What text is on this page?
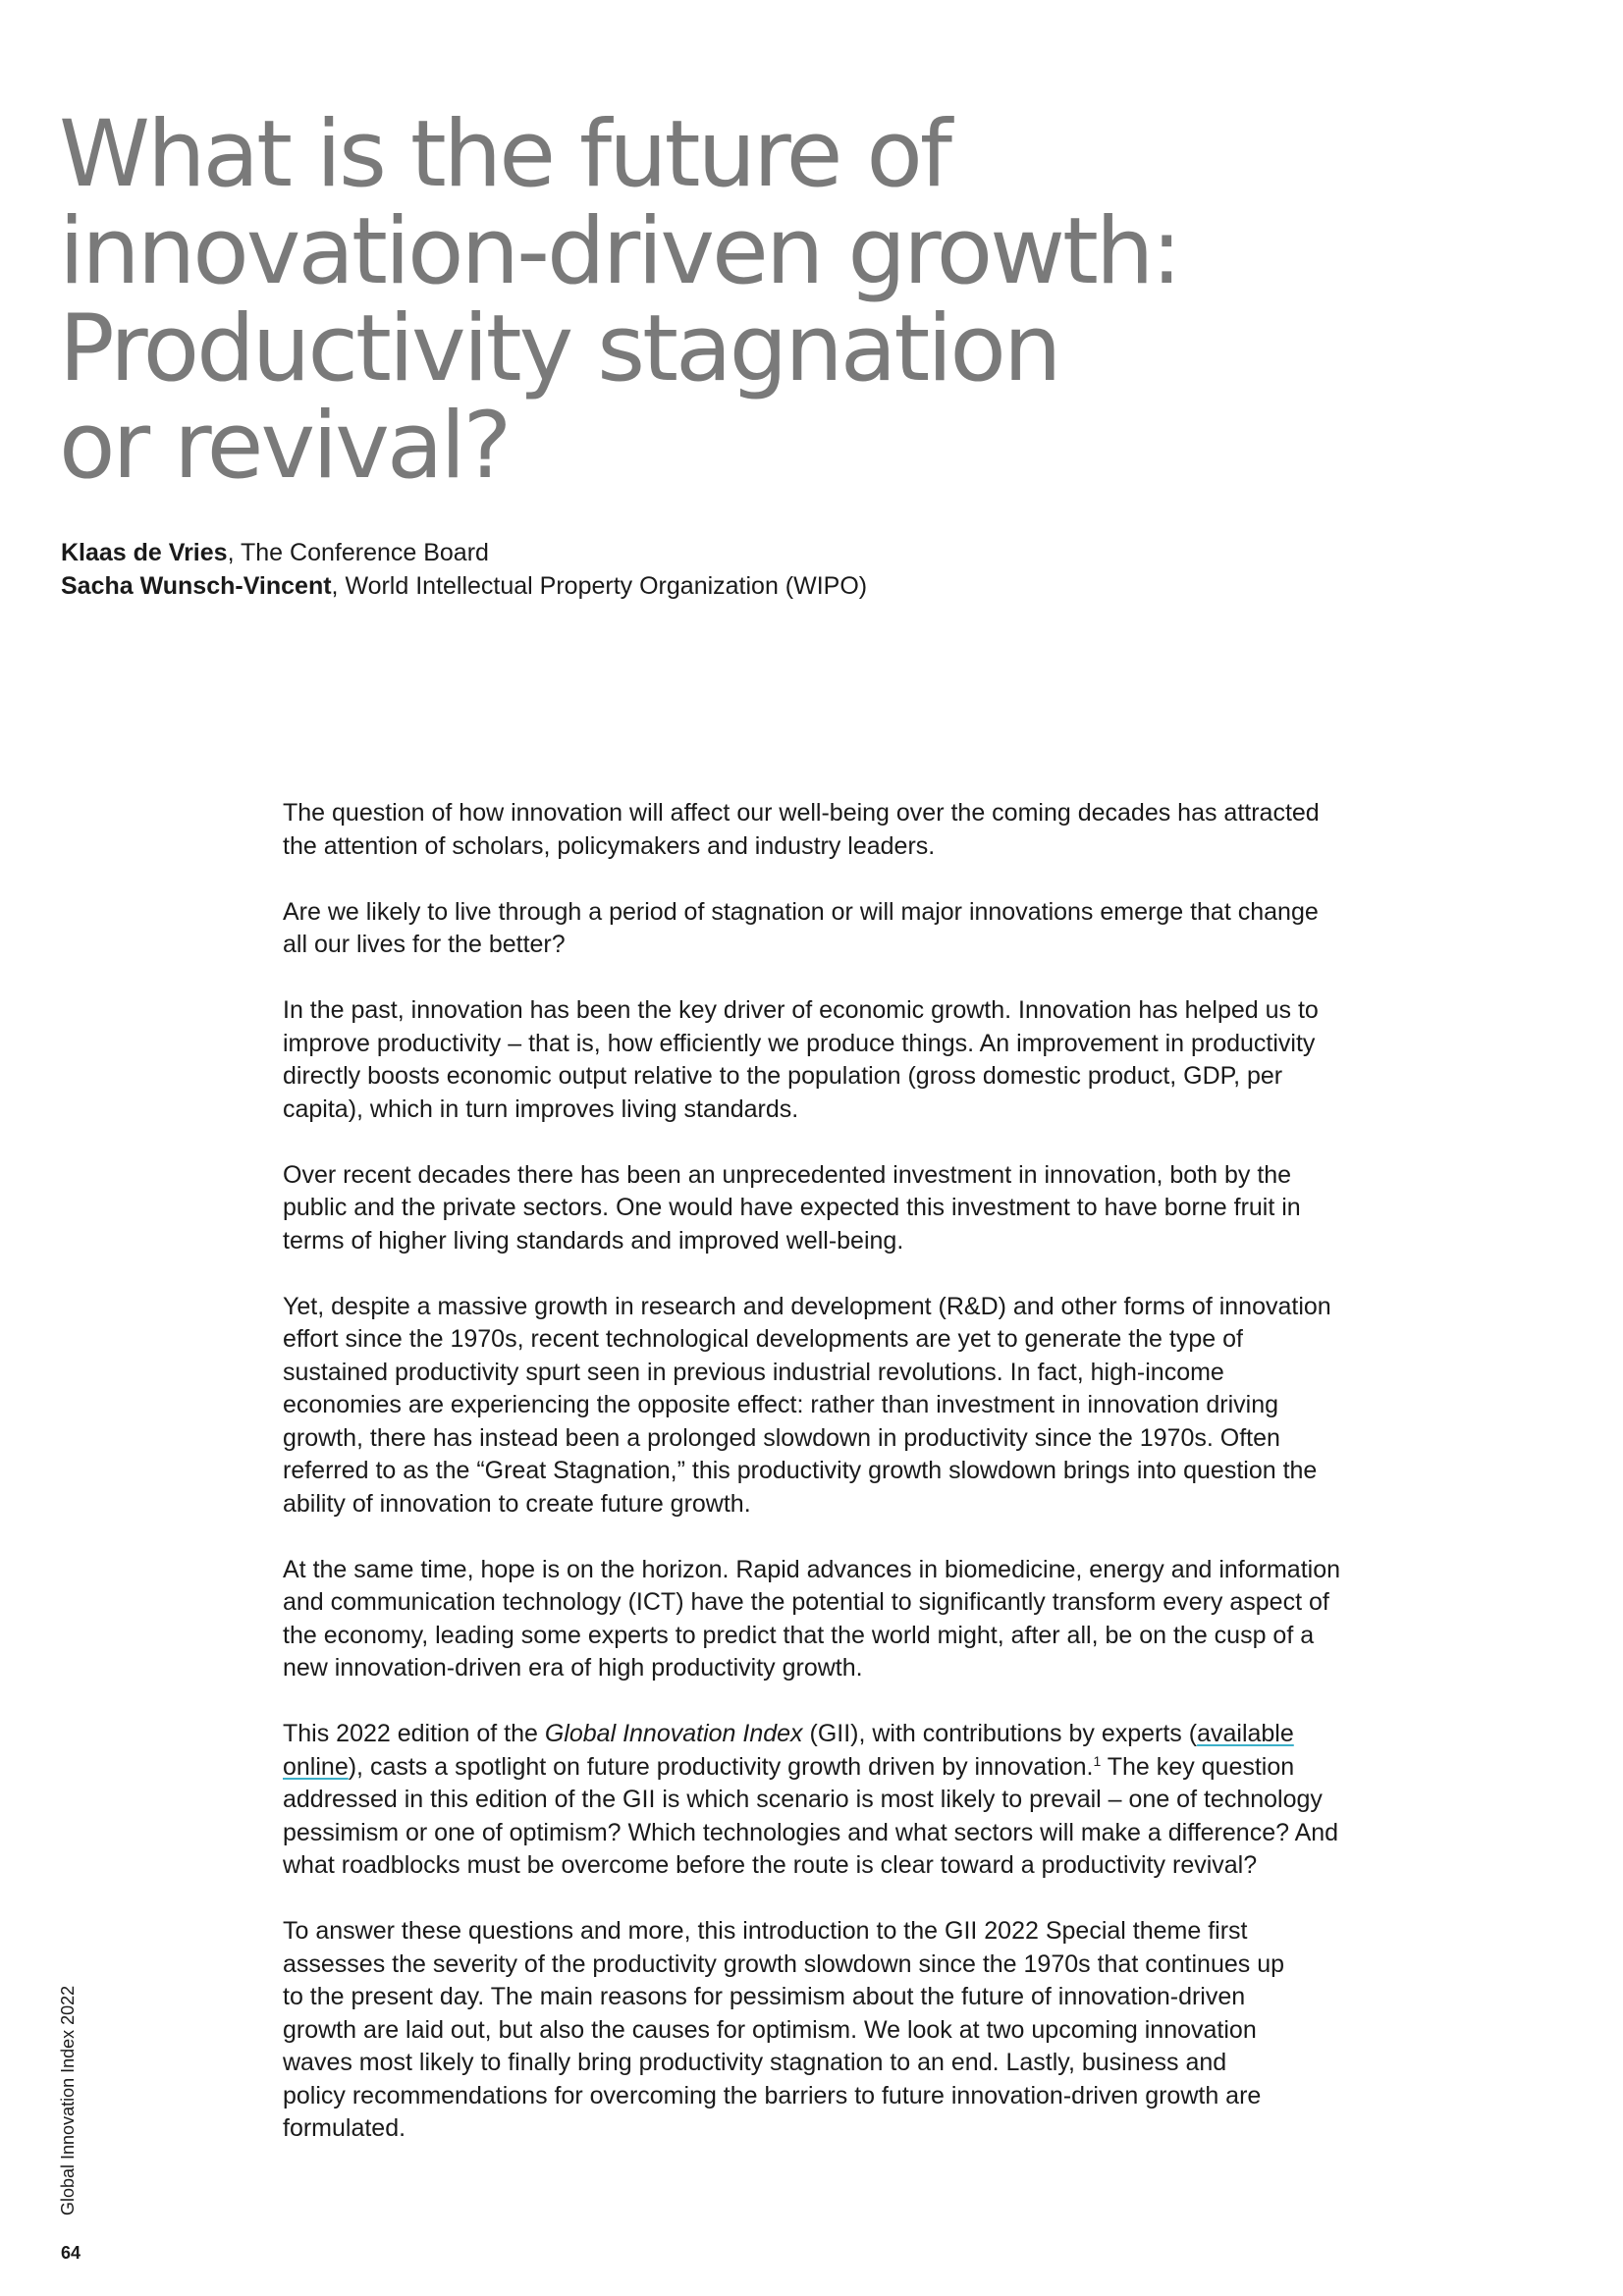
What is the future of
innovation-driven growth:
Productivity stagnation
or revival?
Klaas de Vries, The Conference Board
Sacha Wunsch-Vincent, World Intellectual Property Organization (WIPO)

The question of how innovation will affect our well-being over the coming decades has attracted
the attention of scholars, policymakers and industry leaders.

Are we likely to live through a period of stagnation or will major innovations emerge that change
all our lives for the better?

In the past, innovation has been the key driver of economic growth. Innovation has helped us to
improve productivity – that is, how efficiently we produce things. An improvement in productivity
directly boosts economic output relative to the population (gross domestic product, GDP, per
capita), which in turn improves living standards.

Over recent decades there has been an unprecedented investment in innovation, both by the
public and the private sectors. One would have expected this investment to have borne fruit in
terms of higher living standards and improved well-being.

Yet, despite a massive growth in research and development (R&D) and other forms of innovation
effort since the 1970s, recent technological developments are yet to generate the type of
sustained productivity spurt seen in previous industrial revolutions. In fact, high-income
economies are experiencing the opposite effect: rather than investment in innovation driving
growth, there has instead been a prolonged slowdown in productivity since the 1970s. Often
referred to as the “Great Stagnation,” this productivity growth slowdown brings into question the
ability of innovation to create future growth.

At the same time, hope is on the horizon. Rapid advances in biomedicine, energy and information
and communication technology (ICT) have the potential to significantly transform every aspect of
the economy, leading some experts to predict that the world might, after all, be on the cusp of a
new innovation-driven era of high productivity growth.

This 2022 edition of the Global Innovation Index (GII), with contributions by experts (available
online), casts a spotlight on future productivity growth driven by innovation.$^1$ The key question
addressed in this edition of the GII is which scenario is most likely to prevail – one of technology
pessimism or one of optimism? Which technologies and what sectors will make a difference? And
what roadblocks must be overcome before the route is clear toward a productivity revival?

To answer these questions and more, this introduction to the GII 2022 Special theme first
assesses the severity of the productivity growth slowdown since the 1970s that continues up
to the present day. The main reasons for pessimism about the future of innovation-driven
growth are laid out, but also the causes for optimism. We look at two upcoming innovation
waves most likely to finally bring productivity stagnation to an end. Lastly, business and
policy recommendations for overcoming the barriers to future innovation-driven growth are
formulated.

Global Innovation Index 2022
64
